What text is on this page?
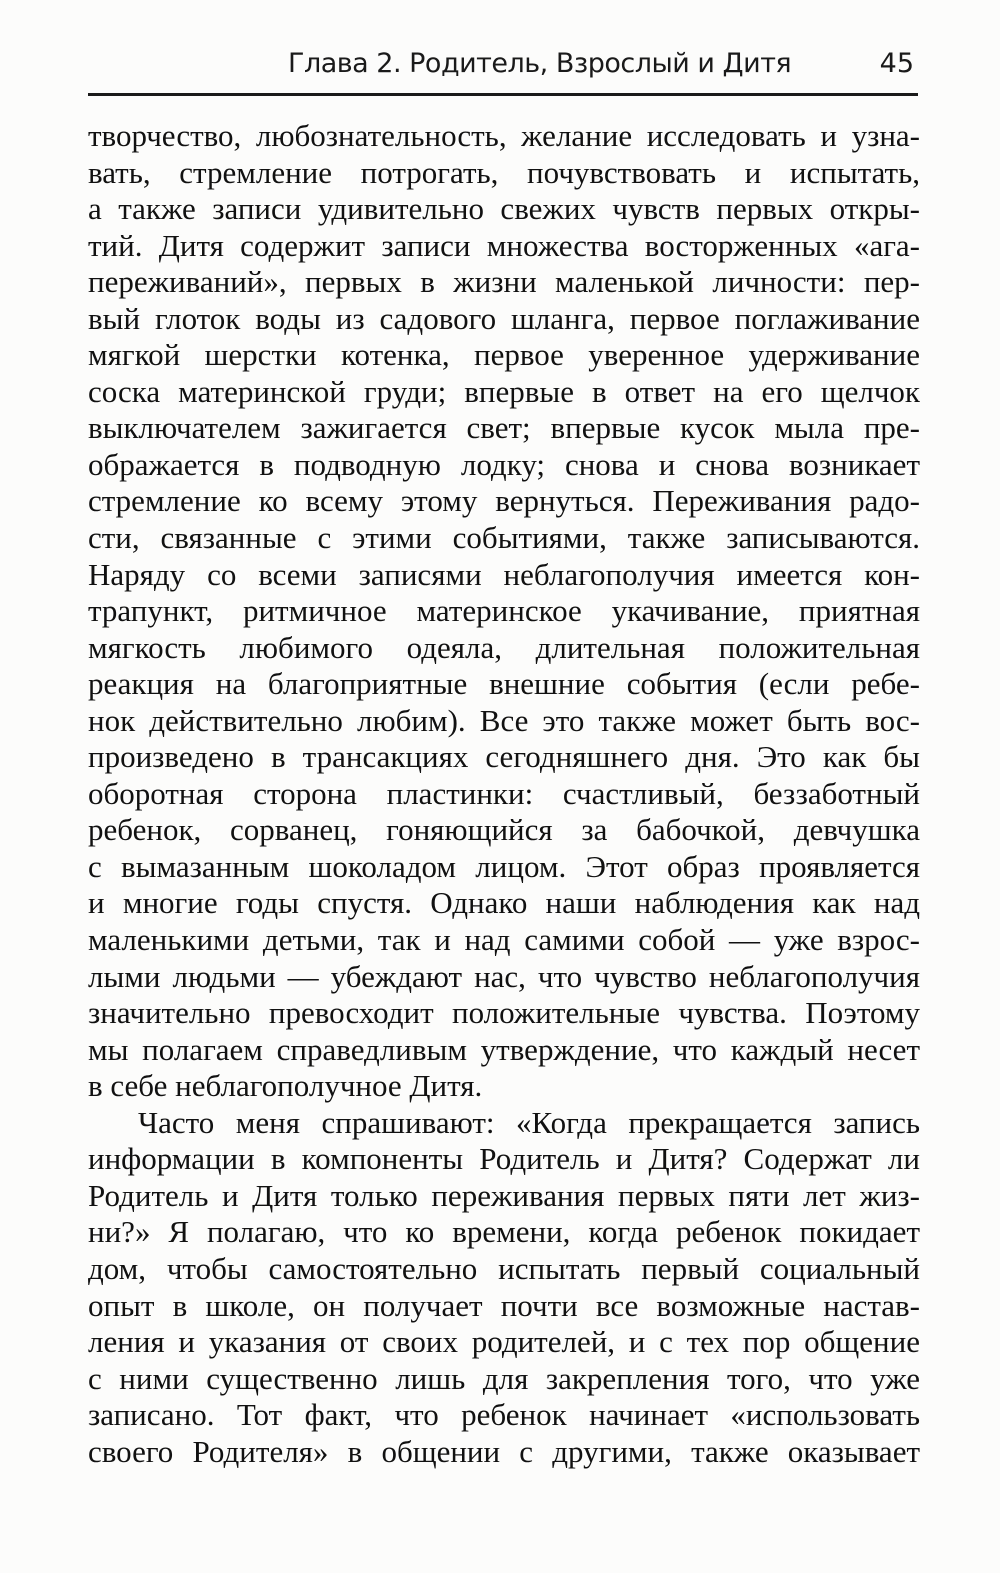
Глава 2. Родитель, Взрослый и Дитя	45
творчество, любознательность, желание исследовать и узна-
вать, стремление потрогать, почувствовать и испытать,
а также записи удивительно свежих чувств первых откры-
тий. Дитя содержит записи множества восторженных «ага-
переживаний», первых в жизни маленькой личности: пер-
вый глоток воды из садового шланга, первое поглаживание
мягкой шерстки котенка, первое уверенное удерживание
соска материнской груди; впервые в ответ на его щелчок
выключателем зажигается свет; впервые кусок мыла пре-
ображается в подводную лодку; снова и снова возникает
стремление ко всему этому вернуться. Переживания радо-
сти, связанные с этими событиями, также записываются.
Наряду со всеми записями неблагополучия имеется кон-
трапункт, ритмичное материнское укачивание, приятная
мягкость любимого одеяла, длительная положительная
реакция на благоприятные внешние события (если ребе-
нок действительно любим). Все это также может быть вос-
произведено в трансакциях сегодняшнего дня. Это как бы
оборотная сторона пластинки: счастливый, беззаботный
ребенок, сорванец, гоняющийся за бабочкой, девчушка
с вымазанным шоколадом лицом. Этот образ проявляется
и многие годы спустя. Однако наши наблюдения как над
маленькими детьми, так и над самими собой — уже взрос-
лыми людьми — убеждают нас, что чувство неблагополучия
значительно превосходит положительные чувства. Поэтому
мы полагаем справедливым утверждение, что каждый несет
в себе неблагополучное Дитя.
Часто меня спрашивают: «Когда прекращается запись
информации в компоненты Родитель и Дитя? Содержат ли
Родитель и Дитя только переживания первых пяти лет жиз-
ни?» Я полагаю, что ко времени, когда ребенок покидает
дом, чтобы самостоятельно испытать первый социальный
опыт в школе, он получает почти все возможные настав-
ления и указания от своих родителей, и с тех пор общение
с ними существенно лишь для закрепления того, что уже
записано. Тот факт, что ребенок начинает «использовать
своего Родителя» в общении с другими, также оказывает
